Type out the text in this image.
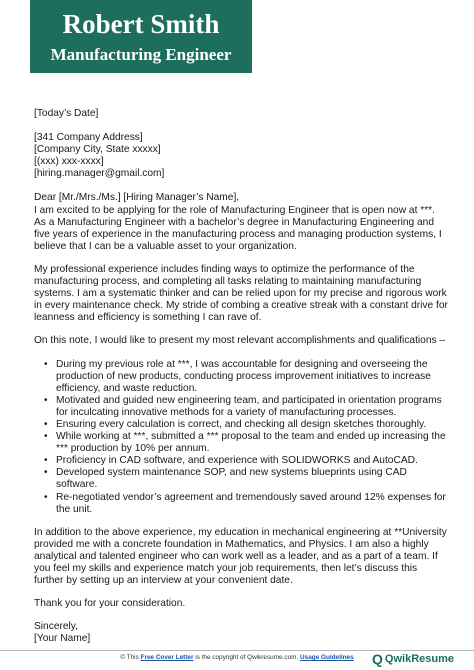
Robert Smith
Manufacturing Engineer

[Today’s Date]

[341 Company Address]

[Company City, State xxxxx]

[(xxx) xxx-xxxx]

[hiring.manager@gmail.com]

Dear [Mr./Mrs./Ms.] [Hiring Manager’s Name],

I am excited to be applying for the role of Manufacturing Engineer that is open now at ***. As a Manufacturing Engineer with a bachelor’s degree in Manufacturing Engineering and five years of experience in the manufacturing process and managing production systems, I believe that I can be a valuable asset to your organization.

My professional experience includes finding ways to optimize the performance of the manufacturing process, and completing all tasks relating to maintaining manufacturing systems. I am a systematic thinker and can be relied upon for my precise and rigorous work in every maintenance check. My stride of combing a creative streak with a constant drive for leanness and efficiency is something I can rave of.

On this note, I would like to present my most relevant accomplishments and qualifications –

• During my previous role at ***, I was accountable for designing and overseeing the production of new products, conducting process improvement initiatives to increase efficiency, and waste reduction.
• Motivated and guided new engineering team, and participated in orientation programs for inculcating innovative methods for a variety of manufacturing processes.
• Ensuring every calculation is correct, and checking all design sketches thoroughly.
• While working at ***, submitted a *** proposal to the team and ended up increasing the *** production by 10% per annum.
• Proficiency in CAD software, and experience with SOLIDWORKS and AutoCAD.
• Developed system maintenance SOP, and new systems blueprints using CAD software.
• Re-negotiated vendor’s agreement and tremendously saved around 12% expenses for the unit.

In addition to the above experience, my education in mechanical engineering at **University provided me with a concrete foundation in Mathematics, and Physics. I am also a highly analytical and talented engineer who can work well as a leader, and as a part of a team. If you feel my skills and experience match your job requirements, then let’s discuss this further by setting up an interview at your convenient date.

Thank you for your consideration.

Sincerely,

[Your Name]

© This Free Cover Letter is the copyright of Qwikresume.com. Usage Guidelines	Q QwikResume
